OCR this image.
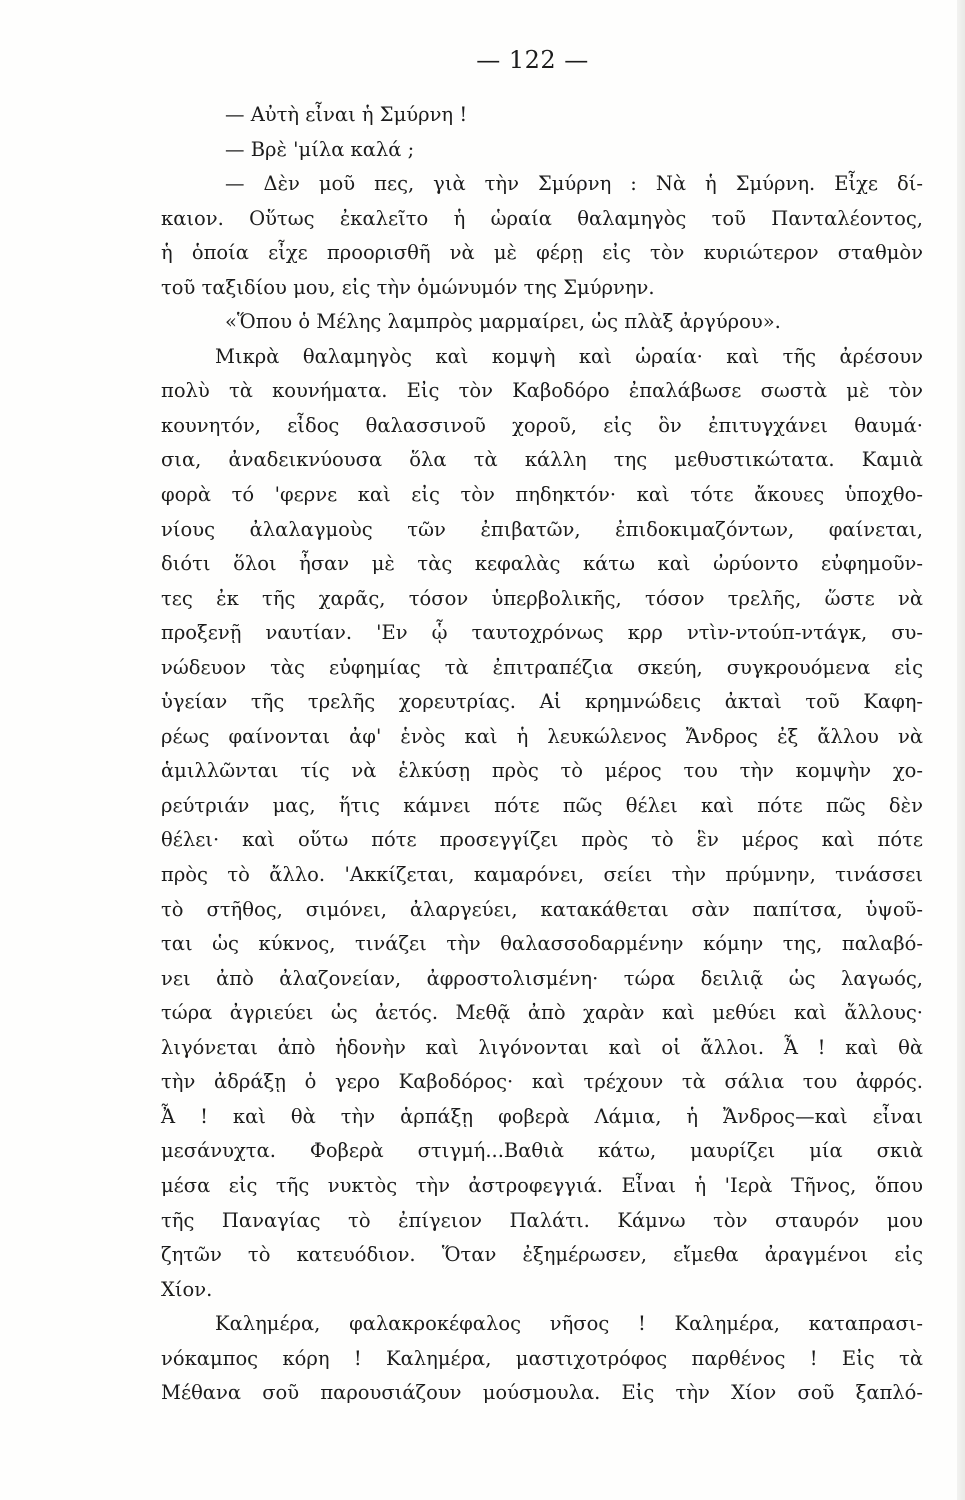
— 122 —
— Αὐτὴ εἶναι ἡ Σμύρνη !
— Βρὲ 'μίλα καλά ;
— Δὲν μοῦ πες, γιὰ τὴν Σμύρνη : Νὰ ἡ Σμύρνη. Εἶχε δί-
καιον. Οὕτως ἐκαλεῖτο ἡ ὡραία θαλαμηγὸς τοῦ Πανταλέοντος,
ἡ ὁποία εἶχε προορισθῆ νὰ μὲ φέρῃ εἰς τὸν κυριώτερον σταθμὸν
τοῦ ταξιδίου μου, εἰς τὴν ὁμώνυμόν της Σμύρνην.
«Ὅπου ὁ Μέλης λαμπρὸς μαρμαίρει, ὡς πλὰξ ἀργύρου».
Μικρὰ θαλαμηγὸς καὶ κομψὴ καὶ ὡραία· καὶ τῆς ἀρέσουν
πολὺ τὰ κουνήματα. Εἰς τὸν Καβοδόρο ἐπαλάβωσε σωστὰ μὲ τὸν
κουνητόν, εἶδος θαλασσινοῦ χοροῦ, εἰς ὃν ἐπιτυγχάνει θαυμά·
σια, ἀναδεικνύουσα ὅλα τὰ κάλλη της μεθυστικώτατα. Καμιὰ
φορὰ τό 'φερνε καὶ εἰς τὸν πηδηκτόν· καὶ τότε ἄκουες ὑποχθο-
νίους ἀλαλαγμοὺς τῶν ἐπιβατῶν, ἐπιδοκιμαζόντων, φαίνεται,
διότι ὅλοι ἦσαν μὲ τὰς κεφαλὰς κάτω καὶ ὠρύοντο εὐφημοῦν-
τες ἐκ τῆς χαρᾶς, τόσον ὑπερβολικῆς, τόσον τρελῆς, ὥστε νὰ
προξενῇ ναυτίαν. 'Εν ᾧ ταυτοχρόνως κρρ ντὶν-ντούπ-ντάγκ, συ-
νώδευον τὰς εὐφημίας τὰ ἐπιτραπέζια σκεύη, συγκρουόμενα εἰς
ὑγείαν τῆς τρελῆς χορευτρίας. Αἱ κρημνώδεις ἀκταὶ τοῦ Καφη-
ρέως φαίνονται ἀφ' ἑνὸς καὶ ἡ λευκώλενος Ἄνδρος ἐξ ἄλλου νὰ
ἁμιλλῶνται τίς νὰ ἑλκύσῃ πρὸς τὸ μέρος του τὴν κομψὴν χο-
ρεύτριάν μας, ἥτις κάμνει πότε πῶς θέλει καὶ πότε πῶς δὲν
θέλει· καὶ οὕτω πότε προσεγγίζει πρὸς τὸ ἓν μέρος καὶ πότε
πρὸς τὸ ἄλλο. 'Ακκίζεται, καμαρόνει, σείει τὴν πρύμνην, τινάσσει
τὸ στῆθος, σιμόνει, ἀλαργεύει, κατακάθεται σὰν παπίτσα, ὑψοῦ-
ται ὡς κύκνος, τινάζει τὴν θαλασσοδαρμένην κόμην της, παλαβό-
νει ἀπὸ ἀλαζονείαν, ἀφροστολισμένη· τώρα δειλιᾷ ὡς λαγωός,
τώρα ἀγριεύει ὡς ἀετός. Μεθᾷ ἀπὸ χαρὰν καὶ μεθύει καὶ ἄλλους·
λιγόνεται ἀπὸ ἡδονὴν καὶ λιγόνονται καὶ οἱ ἄλλοι. Ἆ ! καὶ θὰ
τὴν ἀδράξῃ ὁ γερο Καβοδόρος· καὶ τρέχουν τὰ σάλια του ἀφρός.
Ἆ ! καὶ θὰ τὴν ἁρπάξῃ φοβερὰ Λάμια, ἡ Ἄνδρος—καὶ εἶναι
μεσάνυχτα. Φοβερὰ στιγμή...Βαθιὰ κάτω, μαυρίζει μία σκιὰ
μέσα εἰς τῆς νυκτὸς τὴν ἀστροφεγγιά. Εἶναι ἡ 'Ιερὰ Τῆνος, ὅπου
τῆς Παναγίας τὸ ἐπίγειον Παλάτι. Κάμνω τὸν σταυρόν μου
ζητῶν τὸ κατευόδιον. Ὅταν ἐξημέρωσεν, εἴμεθα ἀραγμένοι εἰς
Χίον.
Καλημέρα, φαλακροκέφαλος νῆσος ! Καλημέρα, καταπρασι-
νόκαμπος κόρη ! Καλημέρα, μαστιχοτρόφος παρθένος ! Εἰς τὰ
Μέθανα σοῦ παρουσιάζουν μούσμουλα. Εἰς τὴν Χίον σοῦ ξαπλό-
